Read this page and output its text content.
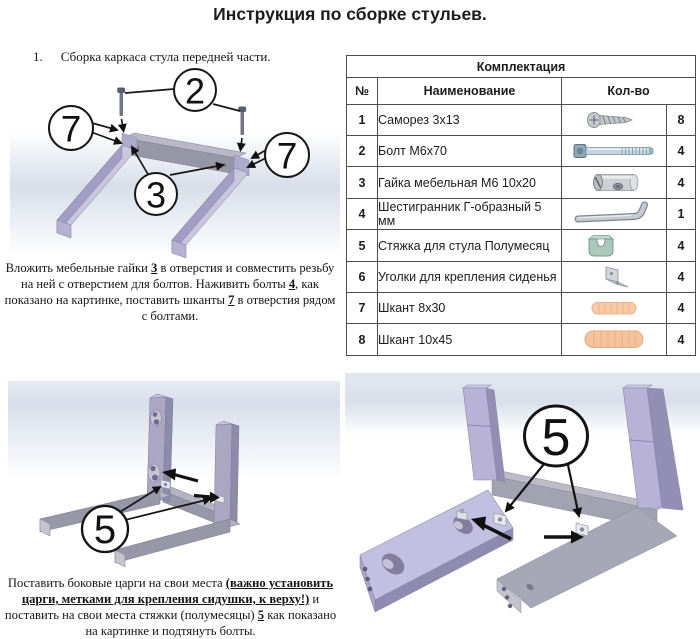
Инструкция по сборке стульев.
1. Сборка каркаса стула передней части.
2
7
7
3

Вложить мебельные гайки 3 в отверстия и совместить резьбу на ней с отверстием для болтов. Наживить болты 4, как показано на картинке, поставить шканты 7 в отверстия рядом с болтами.

Комплектация			
№	Наименование	Кол-во	
1	Саморез 3х13		8
2	Болт М6х70		4
3	Гайка мебельная М6 10х20		4
4	Шестигранник Г-образный 5 мм		1
5	Стяжка для стула Полумесяц		4
6	Уголки для крепления сиденья		4
7	Шкант 8х30		4
8	Шкант 10х45		4
5

Поставить боковые царги на свои места (важно установить царги, метками для крепления сидушки, к верху!) и поставить на свои места стяжки (полумесяцы) 5 как показано на картинке и подтянуть болты.

5
